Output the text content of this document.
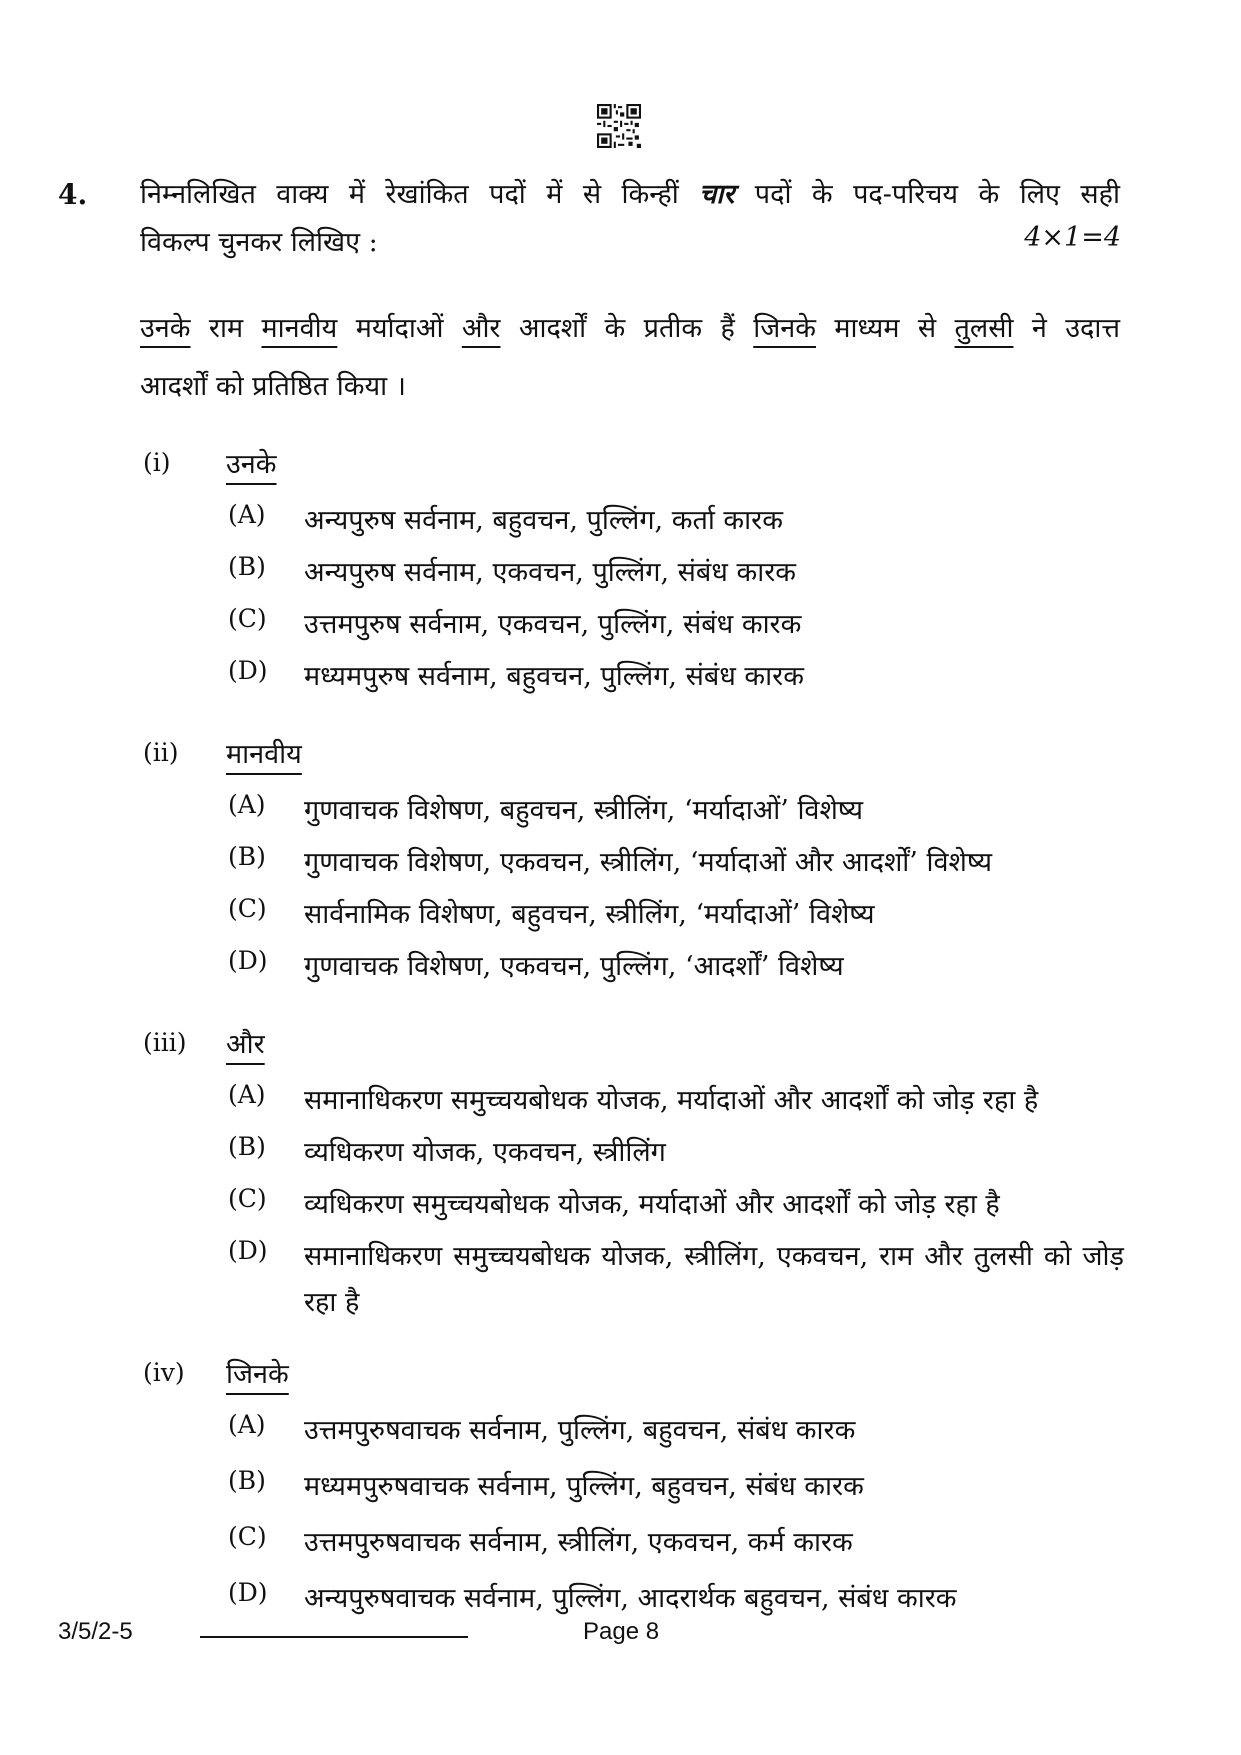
4. निम्नलिखित वाक्य में रेखांकित पदों में से किन्हीं चार पदों के पद-परिचय के लिए सही
विकल्प चुनकर लिखिए :	4×1=4
उनके राम मानवीय मर्यादाओं और आदर्शों के प्रतीक हैं जिनके माध्यम से तुलसी ने उदात्त
आदर्शों को प्रतिष्ठित किया ।
(i) उनके
(A) अन्यपुरुष सर्वनाम, बहुवचन, पुल्लिंग, कर्ता कारक
(B) अन्यपुरुष सर्वनाम, एकवचन, पुल्लिंग, संबंध कारक
(C) उत्तमपुरुष सर्वनाम, एकवचन, पुल्लिंग, संबंध कारक
(D) मध्यमपुरुष सर्वनाम, बहुवचन, पुल्लिंग, संबंध कारक
(ii) मानवीय
(A) गुणवाचक विशेषण, बहुवचन, स्त्रीलिंग, ‘मर्यादाओं’ विशेष्य
(B) गुणवाचक विशेषण, एकवचन, स्त्रीलिंग, ‘मर्यादाओं और आदर्शों’ विशेष्य
(C) सार्वनामिक विशेषण, बहुवचन, स्त्रीलिंग, ‘मर्यादाओं’ विशेष्य
(D) गुणवाचक विशेषण, एकवचन, पुल्लिंग, ‘आदर्शों’ विशेष्य
(iii) और
(A) समानाधिकरण समुच्चयबोधक योजक, मर्यादाओं और आदर्शों को जोड़ रहा है
(B) व्यधिकरण योजक, एकवचन, स्त्रीलिंग
(C) व्यधिकरण समुच्चयबोधक योजक, मर्यादाओं और आदर्शों को जोड़ रहा है
(D) समानाधिकरण समुच्चयबोधक योजक, स्त्रीलिंग, एकवचन, राम और तुलसी को जोड़ रहा है
(iv) जिनके
(A) उत्तमपुरुषवाचक सर्वनाम, पुल्लिंग, बहुवचन, संबंध कारक
(B) मध्यमपुरुषवाचक सर्वनाम, पुल्लिंग, बहुवचन, संबंध कारक
(C) उत्तमपुरुषवाचक सर्वनाम, स्त्रीलिंग, एकवचन, कर्म कारक
(D) अन्यपुरुषवाचक सर्वनाम, पुल्लिंग, आदरार्थक बहुवचन, संबंध कारक
3/5/2-5	Page 8
